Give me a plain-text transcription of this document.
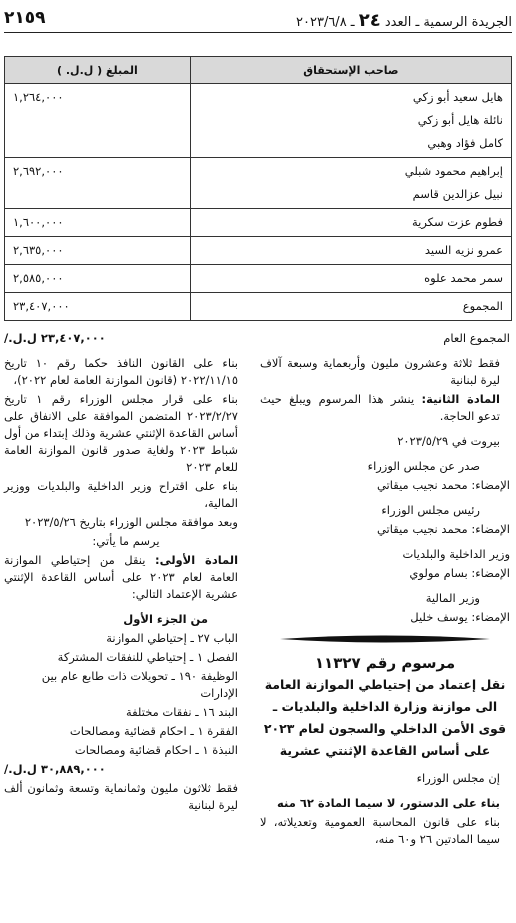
٢١٥٩	الجريدة الرسمية ـ العدد ٢٤ ـ ٢٠٢٣/٦/٨
صاحب الإستحقاق	المبلغ ( ل.ل. )

هايل سعيد أبو زكي
نائلة هايل أبو زكي
كامل فؤاد وهبي	١,٢٦٤,٠٠٠

إبراهيم محمود شبلي
نبيل عزالدين قاسم	٢,٦٩٢,٠٠٠

فطوم عزت سكرية	١,٦٠٠,٠٠٠

عمرو نزيه السيد	٢,٦٣٥,٠٠٠

سمر محمد علوه	٢,٥٨٥,٠٠٠

المجموع	٢٣,٤٠٧,٠٠٠

المجموع العام

فقط ثلاثة وعشرون مليون وأربعماية وسبعة آلاف ليرة لبنانية

المادة الثانية: ينشر هذا المرسوم ويبلغ حيث تدعو الحاجة.

بيروت في ٢٠٢٣/٥/٢٩

صدر عن مجلس الوزراء

الإمضاء: محمد نجيب ميقاتي

رئيس مجلس الوزراء

الإمضاء: محمد نجيب ميقاتي

وزير الداخلية والبلديات

الإمضاء: بسام مولوي

وزير المالية

الإمضاء: يوسف خليل

مرسوم رقم ١١٣٢٧

نقل إعتماد من إحتياطي الموازنة العامة الى موازنة وزارة الداخلية والبلديات ـ قوى الأمن الداخلي والسجون لعام ٢٠٢٣ على أساس القاعدة الإثنتي عشرية

إن مجلس الوزراء

بناء على الدستور، لا سيما المادة ٦٢ منه

بناء على قانون المحاسبة العمومية وتعديلاته، لا سيما المادتين ٢٦ و٦٠ منه،

٢٣,٤٠٧,٠٠٠ ل.ل./

بناء على القانون النافذ حكما رقم ١٠ تاريخ ٢٠٢٢/١١/١٥ (قانون الموازنة العامة لعام ٢٠٢٢)،

بناء على قرار مجلس الوزراء رقم ١ تاريخ ٢٠٢٣/٢/٢٧ المتضمن الموافقة على الانفاق على أساس القاعدة الإثنتي عشرية وذلك إبتداء من أول شباط ٢٠٢٣ ولغاية صدور قانون الموازنة العامة للعام ٢٠٢٣

بناء على اقتراح وزير الداخلية والبلديات ووزير المالية،

وبعد موافقة مجلس الوزراء بتاريخ ٢٠٢٣/٥/٢٦

يرسم ما يأتي:

المادة الأولى: ينقل من إحتياطي الموازنة العامة لعام ٢٠٢٣ على أساس القاعدة الإثنتي عشرية الإعتماد التالي:

من الجزء الأول

الباب ٢٧ ـ إحتياطي الموازنة

الفصل ١ ـ إحتياطي للنفقات المشتركة

الوظيفة ١٩٠ ـ تحويلات ذات طابع عام بين الإدارات

البند ١٦ ـ نفقات مختلفة

الفقرة ١ ـ احكام قضائية ومصالحات

النبذة ١ ـ احكام قضائية ومصالحات

٣٠,٨٨٩,٠٠٠ ل.ل./

فقط ثلاثون مليون وثمانماية وتسعة وثمانون ألف ليرة لبنانية
